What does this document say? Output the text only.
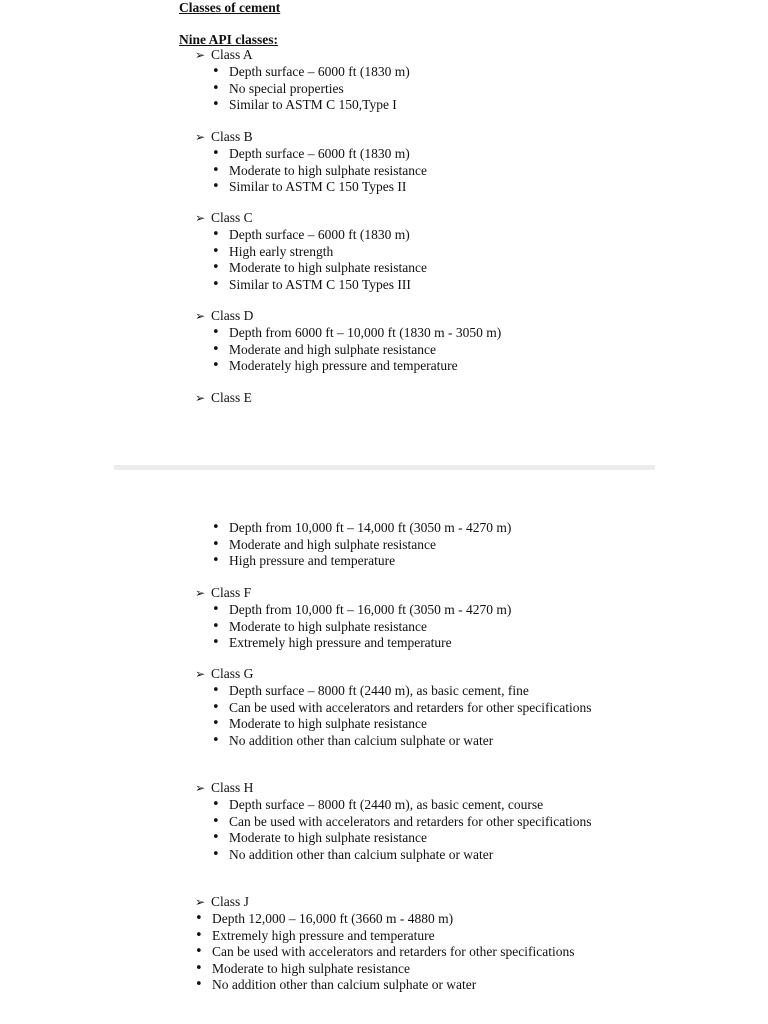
Classes of cement
Nine API classes:
➢ Class A
• Depth surface – 6000 ft (1830 m)
• No special properties
• Similar to ASTM C 150,Type I
➢ Class B
• Depth surface – 6000 ft (1830 m)
• Moderate to high sulphate resistance
• Similar to ASTM C 150 Types II
➢ Class C
• Depth surface – 6000 ft (1830 m)
• High early strength
• Moderate to high sulphate resistance
• Similar to ASTM C 150 Types III
➢ Class D
• Depth from 6000 ft – 10,000 ft (1830 m - 3050 m)
• Moderate and high sulphate resistance
• Moderately high pressure and temperature
➢ Class E
• Depth from 10,000 ft – 14,000 ft (3050 m - 4270 m)
• Moderate and high sulphate resistance
• High pressure and temperature
➢ Class F
• Depth from 10,000 ft – 16,000 ft (3050 m - 4270 m)
• Moderate to high sulphate resistance
• Extremely high pressure and temperature
➢ Class G
• Depth surface – 8000 ft (2440 m), as basic cement, fine
• Can be used with accelerators and retarders for other specifications
• Moderate to high sulphate resistance
• No addition other than calcium sulphate or water
➢ Class H
• Depth surface – 8000 ft (2440 m), as basic cement, course
• Can be used with accelerators and retarders for other specifications
• Moderate to high sulphate resistance
• No addition other than calcium sulphate or water
➢ Class J
• Depth 12,000 – 16,000 ft (3660 m - 4880 m)
• Extremely high pressure and temperature
• Can be used with accelerators and retarders for other specifications
• Moderate to high sulphate resistance
• No addition other than calcium sulphate or water
